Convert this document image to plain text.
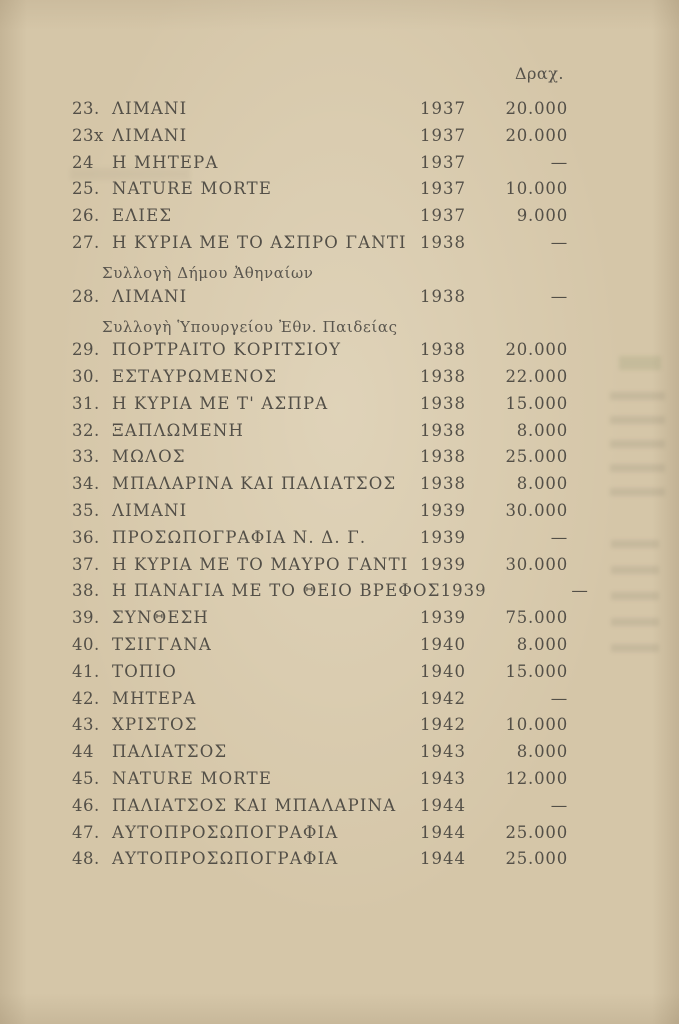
Δραχ.
23. ΛΙΜΑΝΙ	1937	20.000
23x ΛΙΜΑΝΙ	1937	20.000
24	Η ΜΗΤΕΡΑ	1937	—
25. NATURE MORTE	1937	10.000
26. ΕΛΙΕΣ	1937	9.000
27. Η ΚΥΡΙΑ ΜΕ ΤΟ ΑΣΠΡΟ ΓΑΝΤΙ 1938	—
Συλλογὴ Δήμου Ἀθηναίων
28. ΛΙΜΑΝΙ	1938	—
Συλλογὴ Ὑπουργείου Ἐθν. Παιδείας
29. ΠΟΡΤΡΑΙΤΟ ΚΟΡΙΤΣΙΟΥ	1938	20.000
30. ΕΣΤΑΥΡΩΜΕΝΟΣ	1938	22.000
31. Η ΚΥΡΙΑ ΜΕ Τ' ΑΣΠΡΑ	1938	15.000
32. ΞΑΠΛΩΜΕΝΗ	1938	8.000
33. ΜΩΛΟΣ	1938	25.000
34. ΜΠΑΛΑΡΙΝΑ ΚΑΙ ΠΑΛΙΑΤΣΟΣ	1938	8.000
35. ΛΙΜΑΝΙ	1939	30.000
36. ΠΡΟΣΩΠΟΓΡΑΦΙΑ Ν. Δ. Γ.	1939	—
37. Η ΚΥΡΙΑ ΜΕ ΤΟ ΜΑΥΡΟ ΓΑΝΤΙ 1939	30.000
38. Η ΠΑΝΑΓΙΑ ΜΕ ΤΟ ΘΕΙΟ ΒΡΕΦΟΣ 1939	—
39. ΣΥΝΘΕΣΗ	1939	75.000
40. ΤΣΙΓΓΑΝΑ	1940	8.000
41. ΤΟΠΙΟ	1940	15.000
42. ΜΗΤΕΡΑ	1942	—
43. ΧΡΙΣΤΟΣ	1942	10.000
44	ΠΑΛΙΑΤΣΟΣ	1943	8.000
45. NATURE MORTE	1943	12.000
46. ΠΑΛΙΑΤΣΟΣ ΚΑΙ ΜΠΑΛΑΡΙΝΑ	1944	—
47. ΑΥΤΟΠΡΟΣΩΠΟΓΡΑΦΙΑ	1944	25.000
48. ΑΥΤΟΠΡΟΣΩΠΟΓΡΑΦΙΑ	1944	25.000
